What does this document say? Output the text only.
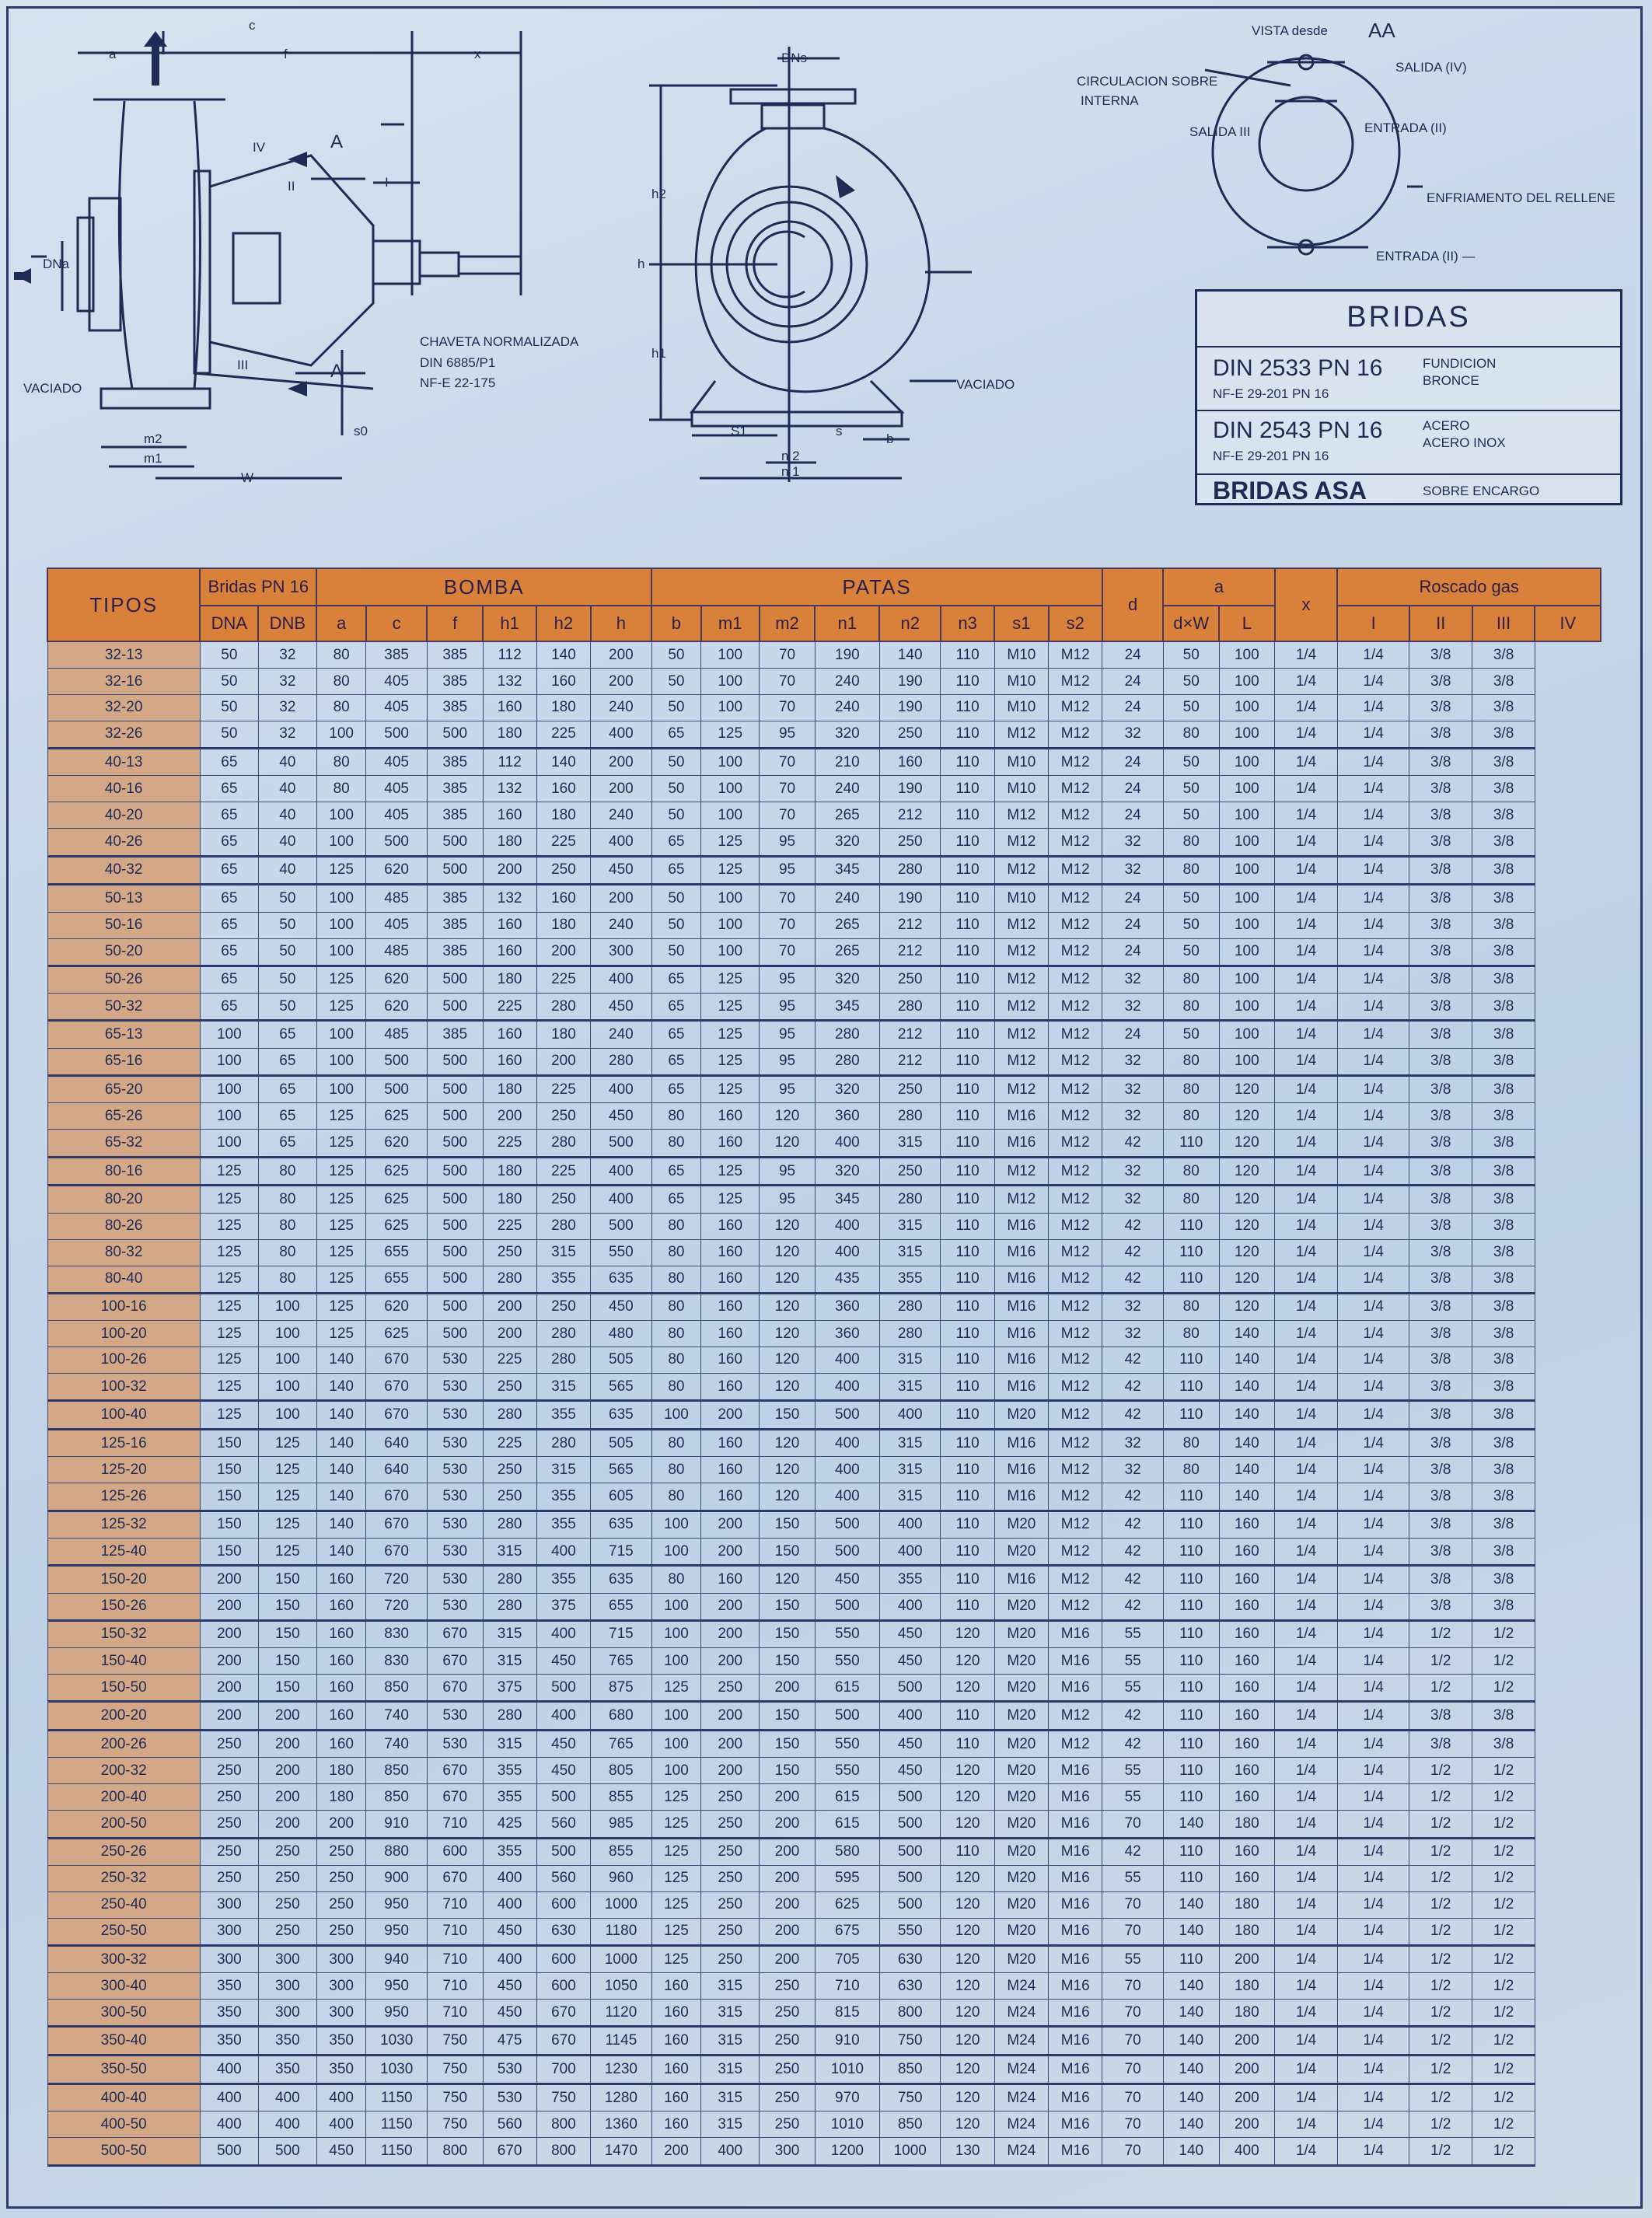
c
a	f	x
DNa
DNs
h2
h
h1
A
A
IV
I
II
III
CHAVETA NORMALIZADA
DIN 6885/P1
NF-E 22-175
VACIADO	VACIADO
m2
m1
s0
W
S1
n 2
n 1
s
b
VISTA desde AA
CIRCULACION SOBRE
INTERNA
SALIDA (IV)
SALIDA III	ENTRADA (II)
ENFRIAMENTO DEL RELLENE
ENTRADA (II) —
BRIDAS
DIN 2533 PN 16
NF-E 29-201 PN 16
FUNDICION
BRONCE
DIN 2543 PN 16
NF-E 29-201 PN 16
ACERO
ACERO INOX
BRIDAS ASA	SOBRE ENCARGO
TIPOS	Bridas PN 16		BOMBA						PATAS								d	a		x	Roscado gas			
	DNA	DNB	a	c	f	h1	h2	h	b	m1	m2	n1	n2	n3	s1	s2		d×W	L		I	II	III	IV
32-13	50	32	80	385	385	112	140	200	50	100	70	190	140	110	M10	M12	24	50	100	1/4	1/4	3/8	3/8	
32-16	50	32	80	405	385	132	160	200	50	100	70	240	190	110	M10	M12	24	50	100	1/4	1/4	3/8	3/8	
32-20	50	32	80	405	385	160	180	240	50	100	70	240	190	110	M10	M12	24	50	100	1/4	1/4	3/8	3/8	
32-26	50	32	100	500	500	180	225	400	65	125	95	320	250	110	M12	M12	32	80	100	1/4	1/4	3/8	3/8	
40-13	65	40	80	405	385	112	140	200	50	100	70	210	160	110	M10	M12	24	50	100	1/4	1/4	3/8	3/8	
40-16	65	40	80	405	385	132	160	200	50	100	70	240	190	110	M10	M12	24	50	100	1/4	1/4	3/8	3/8	
40-20	65	40	100	405	385	160	180	240	50	100	70	265	212	110	M12	M12	24	50	100	1/4	1/4	3/8	3/8	
40-26	65	40	100	500	500	180	225	400	65	125	95	320	250	110	M12	M12	32	80	100	1/4	1/4	3/8	3/8	
40-32	65	40	125	620	500	200	250	450	65	125	95	345	280	110	M12	M12	32	80	100	1/4	1/4	3/8	3/8	
50-13	65	50	100	485	385	132	160	200	50	100	70	240	190	110	M10	M12	24	50	100	1/4	1/4	3/8	3/8	
50-16	65	50	100	405	385	160	180	240	50	100	70	265	212	110	M12	M12	24	50	100	1/4	1/4	3/8	3/8	
50-20	65	50	100	485	385	160	200	300	50	100	70	265	212	110	M12	M12	24	50	100	1/4	1/4	3/8	3/8	
50-26	65	50	125	620	500	180	225	400	65	125	95	320	250	110	M12	M12	32	80	100	1/4	1/4	3/8	3/8	
50-32	65	50	125	620	500	225	280	450	65	125	95	345	280	110	M12	M12	32	80	100	1/4	1/4	3/8	3/8	
65-13	100	65	100	485	385	160	180	240	65	125	95	280	212	110	M12	M12	24	50	100	1/4	1/4	3/8	3/8	
65-16	100	65	100	500	500	160	200	280	65	125	95	280	212	110	M12	M12	32	80	100	1/4	1/4	3/8	3/8	
65-20	100	65	100	500	500	180	225	400	65	125	95	320	250	110	M12	M12	32	80	120	1/4	1/4	3/8	3/8	
65-26	100	65	125	625	500	200	250	450	80	160	120	360	280	110	M16	M12	32	80	120	1/4	1/4	3/8	3/8	
65-32	100	65	125	620	500	225	280	500	80	160	120	400	315	110	M16	M12	42	110	120	1/4	1/4	3/8	3/8	
80-16	125	80	125	625	500	180	225	400	65	125	95	320	250	110	M12	M12	32	80	120	1/4	1/4	3/8	3/8	
80-20	125	80	125	625	500	180	250	400	65	125	95	345	280	110	M12	M12	32	80	120	1/4	1/4	3/8	3/8	
80-26	125	80	125	625	500	225	280	500	80	160	120	400	315	110	M16	M12	42	110	120	1/4	1/4	3/8	3/8	
80-32	125	80	125	655	500	250	315	550	80	160	120	400	315	110	M16	M12	42	110	120	1/4	1/4	3/8	3/8	
80-40	125	80	125	655	500	280	355	635	80	160	120	435	355	110	M16	M12	42	110	120	1/4	1/4	3/8	3/8	
100-16	125	100	125	620	500	200	250	450	80	160	120	360	280	110	M16	M12	32	80	120	1/4	1/4	3/8	3/8	
100-20	125	100	125	625	500	200	280	480	80	160	120	360	280	110	M16	M12	32	80	140	1/4	1/4	3/8	3/8	
100-26	125	100	140	670	530	225	280	505	80	160	120	400	315	110	M16	M12	42	110	140	1/4	1/4	3/8	3/8	
100-32	125	100	140	670	530	250	315	565	80	160	120	400	315	110	M16	M12	42	110	140	1/4	1/4	3/8	3/8	
100-40	125	100	140	670	530	280	355	635	100	200	150	500	400	110	M20	M12	42	110	140	1/4	1/4	3/8	3/8	
125-16	150	125	140	640	530	225	280	505	80	160	120	400	315	110	M16	M12	32	80	140	1/4	1/4	3/8	3/8	
125-20	150	125	140	640	530	250	315	565	80	160	120	400	315	110	M16	M12	32	80	140	1/4	1/4	3/8	3/8	
125-26	150	125	140	670	530	250	355	605	80	160	120	400	315	110	M16	M12	42	110	140	1/4	1/4	3/8	3/8	
125-32	150	125	140	670	530	280	355	635	100	200	150	500	400	110	M20	M12	42	110	160	1/4	1/4	3/8	3/8	
125-40	150	125	140	670	530	315	400	715	100	200	150	500	400	110	M20	M12	42	110	160	1/4	1/4	3/8	3/8	
150-20	200	150	160	720	530	280	355	635	80	160	120	450	355	110	M16	M12	42	110	160	1/4	1/4	3/8	3/8	
150-26	200	150	160	720	530	280	375	655	100	200	150	500	400	110	M20	M12	42	110	160	1/4	1/4	3/8	3/8	
150-32	200	150	160	830	670	315	400	715	100	200	150	550	450	120	M20	M16	55	110	160	1/4	1/4	1/2	1/2	
150-40	200	150	160	830	670	315	450	765	100	200	150	550	450	120	M20	M16	55	110	160	1/4	1/4	1/2	1/2	
150-50	200	150	160	850	670	375	500	875	125	250	200	615	500	120	M20	M16	55	110	160	1/4	1/4	1/2	1/2	
200-20	200	200	160	740	530	280	400	680	100	200	150	500	400	110	M20	M12	42	110	160	1/4	1/4	3/8	3/8	
200-26	250	200	160	740	530	315	450	765	100	200	150	550	450	110	M20	M12	42	110	160	1/4	1/4	3/8	3/8	
200-32	250	200	180	850	670	355	450	805	100	200	150	550	450	120	M20	M16	55	110	160	1/4	1/4	1/2	1/2	
200-40	250	200	180	850	670	355	500	855	125	250	200	615	500	120	M20	M16	55	110	160	1/4	1/4	1/2	1/2	
200-50	250	200	200	910	710	425	560	985	125	250	200	615	500	120	M20	M16	70	140	180	1/4	1/4	1/2	1/2	
250-26	250	250	250	880	600	355	500	855	125	250	200	580	500	110	M20	M16	42	110	160	1/4	1/4	1/2	1/2	
250-32	250	250	250	900	670	400	560	960	125	250	200	595	500	120	M20	M16	55	110	160	1/4	1/4	1/2	1/2	
250-40	300	250	250	950	710	400	600	1000	125	250	200	625	500	120	M20	M16	70	140	180	1/4	1/4	1/2	1/2	
250-50	300	250	250	950	710	450	630	1180	125	250	200	675	550	120	M20	M16	70	140	180	1/4	1/4	1/2	1/2	
300-32	300	300	300	940	710	400	600	1000	125	250	200	705	630	120	M20	M16	55	110	200	1/4	1/4	1/2	1/2	
300-40	350	300	300	950	710	450	600	1050	160	315	250	710	630	120	M24	M16	70	140	180	1/4	1/4	1/2	1/2	
300-50	350	300	300	950	710	450	670	1120	160	315	250	815	800	120	M24	M16	70	140	180	1/4	1/4	1/2	1/2	
350-40	350	350	350	1030	750	475	670	1145	160	315	250	910	750	120	M24	M16	70	140	200	1/4	1/4	1/2	1/2	
350-50	400	350	350	1030	750	530	700	1230	160	315	250	1010	850	120	M24	M16	70	140	200	1/4	1/4	1/2	1/2	
400-40	400	400	400	1150	750	530	750	1280	160	315	250	970	750	120	M24	M16	70	140	200	1/4	1/4	1/2	1/2	
400-50	400	400	400	1150	750	560	800	1360	160	315	250	1010	850	120	M24	M16	70	140	200	1/4	1/4	1/2	1/2	
500-50	500	500	450	1150	800	670	800	1470	200	400	300	1200	1000	130	M24	M16	70	140	400	1/4	1/4	1/2	1/2	
